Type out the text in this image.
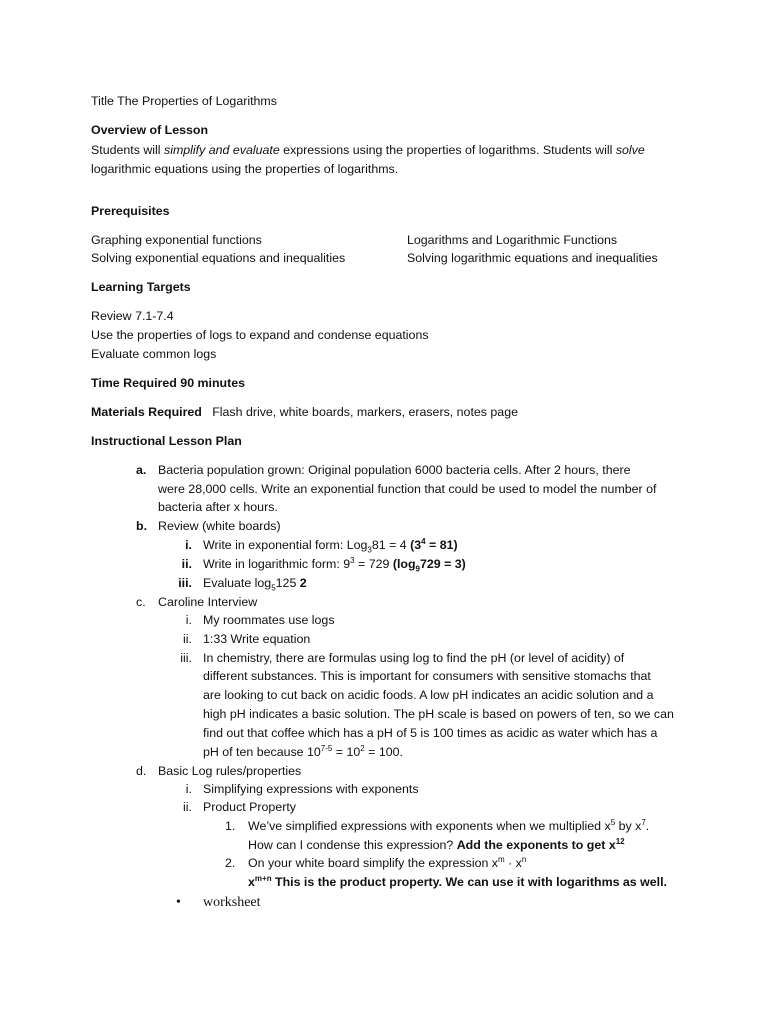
Title The Properties of Logarithms
Overview of Lesson
Students will simplify and evaluate expressions using the properties of logarithms. Students will solve
logarithmic equations using the properties of logarithms.
Prerequisites
Graphing exponential functions
Solving exponential equations and inequalities
Logarithms and Logarithmic Functions
Solving logarithmic equations and inequalities
Learning Targets
Review 7.1-7.4
Use the properties of logs to expand and condense equations
Evaluate common logs
Time Required 90 minutes
Materials Required Flash drive, white boards, markers, erasers, notes page
Instructional Lesson Plan
a. Bacteria population grown: Original population 6000 bacteria cells. After 2 hours, there
were 28,000 cells. Write an exponential function that could be used to model the number of
bacteria after x hours.
b. Review (white boards)
i. Write in exponential form: Log$_3$81 = 4 $(3^4 = 81)$
ii. Write in logarithmic form: $9^3 = 729$ $(\log_9729 = 3)$
iii. Evaluate $\log_5125$ 2
c. Caroline Interview
i. My roommates use logs
ii. 1:33 Write equation
iii. In chemistry, there are formulas using log to find the pH (or level of acidity) of
different substances. This is important for consumers with sensitive stomachs that
are looking to cut back on acidic foods. A low pH indicates an acidic solution and a
high pH indicates a basic solution. The pH scale is based on powers of ten, so we can
find out that coffee which has a pH of 5 is 100 times as acidic as water which has a
pH of ten because $10^{7-5} = 10^2 = 100$.
d. Basic Log rules/properties
i. Simplifying expressions with exponents
ii. Product Property
1. We’ve simplified expressions with exponents when we multiplied $x^5$ by $x^7$.
How can I condense this expression? Add the exponents to get $x^{12}$
2. On your white board simplify the expression $x^m \cdot x^n$
$x^{m+n}$ This is the product property. We can use it with logarithms as well.
• worksheet
